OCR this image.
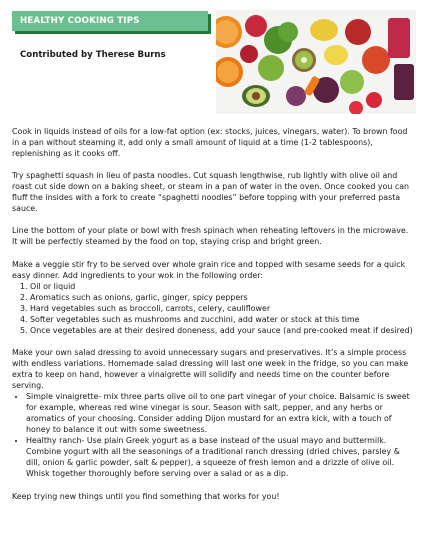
HEALTHY COOKING TIPS
Contributed by Therese Burns

Cook in liquids instead of oils for a low-fat option (ex: stocks, juices, vinegars, water). To brown food in a pan without steaming it, add only a small amount of liquid at a time (1-2 tablespoons), replenishing as it cooks off.

Try spaghetti squash in lieu of pasta noodles. Cut squash lengthwise, rub lightly with olive oil and roast cut side down on a baking sheet, or steam in a pan of water in the oven. Once cooked you can fluff the insides with a fork to create “spaghetti noodles” before topping with your preferred pasta sauce.

Line the bottom of your plate or bowl with fresh spinach when reheating leftovers in the microwave. It will be perfectly steamed by the food on top, staying crisp and bright green.

Make a veggie stir fry to be served over whole grain rice and topped with sesame seeds for a quick easy dinner. Add ingredients to your wok in the following order:

1. Oil or liquid
2. Aromatics such as onions, garlic, ginger, spicy peppers
3. Hard vegetables such as broccoli, carrots, celery, cauliflower
4. Softer vegetables such as mushrooms and zucchini, add water or stock at this time
5. Once vegetables are at their desired doneness, add your sauce (and pre-cooked meat if desired)

Make your own salad dressing to avoid unnecessary sugars and preservatives. It’s a simple process with endless variations. Homemade salad dressing will last one week in the fridge, so you can make extra to keep on hand, however a vinaigrette will solidify and needs time on the counter before serving.

• Simple vinaigrette- mix three parts olive oil to one part vinegar of your choice. Balsamic is sweet for example, whereas red wine vinegar is sour. Season with salt, pepper, and any herbs or aromatics of your choosing. Consider adding Dijon mustard for an extra kick, with a touch of honey to balance it out with some sweetness.
• Healthy ranch- Use plain Greek yogurt as a base instead of the usual mayo and buttermilk. Combine yogurt with all the seasonings of a traditional ranch dressing (dried chives, parsley & dill, onion & garlic powder, salt & pepper), a squeeze of fresh lemon and a drizzle of olive oil. Whisk together thoroughly before serving over a salad or as a dip.

Keep trying new things until you find something that works for you!
